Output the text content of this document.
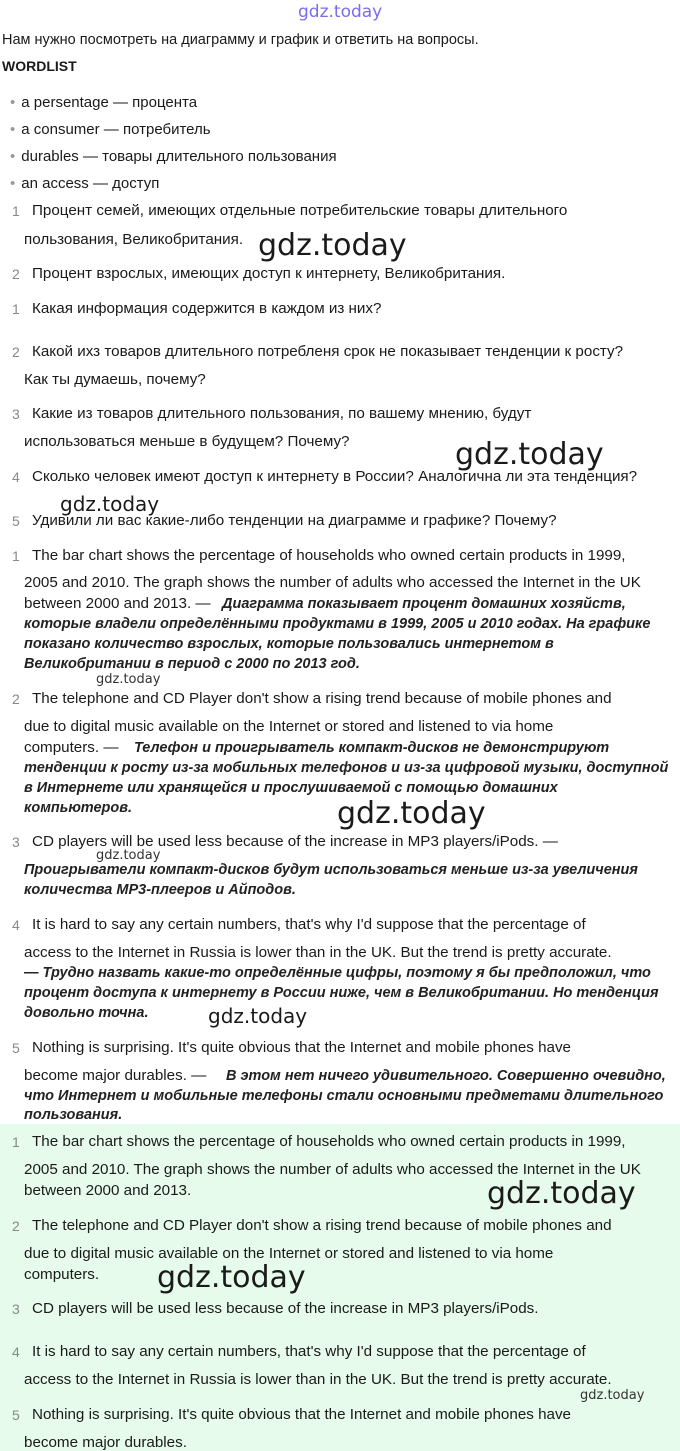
gdz.today
gdz.today
gdz.today
gdz.today
gdz.today
gdz.today
gdz.today
gdz.today
gdz.today
gdz.today
gdz.today
Нам нужно посмотреть на диаграмму и график и ответить на вопросы.
WORDLIST
• a persentage — процента
• a consumer — потребитель
• durables — товары длительного пользования
• an access — доступ
1 Процент семей, имеющих отдельные потребительские товары длительного
пользования, Великобритания.
2 Процент взрослых, имеющих доступ к интернету, Великобритания.
1 Какая информация содержится в каждом из них?
2 Какой ихз товаров длительного потребленя срок не показывает тенденции к росту?
Как ты думаешь, почему?
3 Какие из товаров длительного пользования, по вашему мнению, будут
использоваться меньше в будущем? Почему?
4 Сколько человек имеют доступ к интернету в России? Аналогична ли эта тенденция?
5 Удивили ли вас какие-либо тенденции на диаграмме и графике? Почему?
1 The bar chart shows the percentage of households who owned certain products in 1999,
2005 and 2010. The graph shows the number of adults who accessed the Internet in the UK
between 2000 and 2013. — Диаграмма показывает процент домашних хозяйств,
которые владели определёнными продуктами в 1999, 2005 и 2010 годах. На графике
показано количество взрослых, которые пользовались интернетом в
Великобритании в период с 2000 по 2013 год.
2 The telephone and CD Player don't show a rising trend because of mobile phones and
due to digital music available on the Internet or stored and listened to via home
computers. — Телефон и проигрыватель компакт-дисков не демонстрируют
тенденции к росту из-за мобильных телефонов и из-за цифровой музыки, доступной
в Интернете или хранящейся и прослушиваемой с помощью домашних
компьютеров.
3 CD players will be used less because of the increase in MP3 players/iPods. —
Проигрыватели компакт-дисков будут использоваться меньше из-за увеличения
количества MP3-плееров и Айподов.
4 It is hard to say any certain numbers, that's why I'd suppose that the percentage of
access to the Internet in Russia is lower than in the UK. But the trend is pretty accurate.
— Трудно назвать какие-то определённые цифры, поэтому я бы предположил, что
процент доступа к интернету в России ниже, чем в Великобритании. Но тенденция
довольно точна.
5 Nothing is surprising. It's quite obvious that the Internet and mobile phones have
become major durables. — В этом нет ничего удивительного. Совершенно очевидно,
что Интернет и мобильные телефоны стали основными предметами длительного
пользования.
1 The bar chart shows the percentage of households who owned certain products in 1999,
2005 and 2010. The graph shows the number of adults who accessed the Internet in the UK
between 2000 and 2013.
2 The telephone and CD Player don't show a rising trend because of mobile phones and
due to digital music available on the Internet or stored and listened to via home
computers.
3 CD players will be used less because of the increase in MP3 players/iPods.
4 It is hard to say any certain numbers, that's why I'd suppose that the percentage of
access to the Internet in Russia is lower than in the UK. But the trend is pretty accurate.
5 Nothing is surprising. It's quite obvious that the Internet and mobile phones have
become major durables.
